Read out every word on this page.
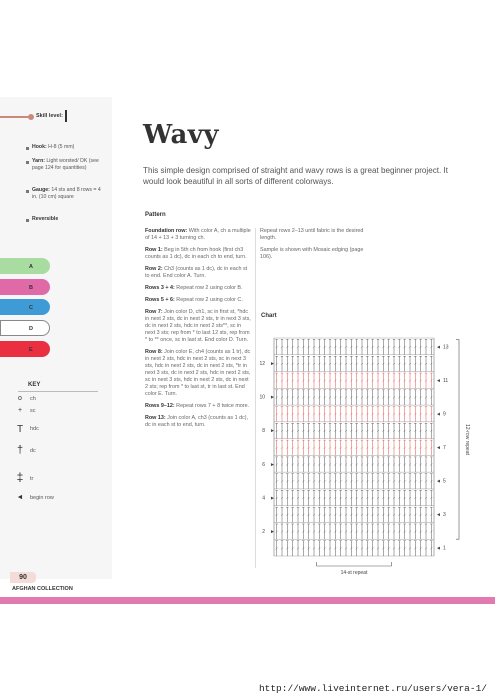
Skill level:
Hook: H-8 (5 mm)
Yarn: Light worsted/ DK (see page 124 for quantities)
Gauge: 14 sts and 8 rows = 4 in. (10 cm) square
Reversible
A
B
C
D
E
KEY
o	ch
+	sc
T	hdc
†	dc
‡	tr
◄	begin row
90
AFGHAN COLLECTION
http://www.liveinternet.ru/users/vera-1/
Wavy
This simple design comprised of straight and wavy rows is a great beginner project. It would look beautiful in all sorts of different colorways.
Pattern

Foundation row: With color A, ch a multiple of 14 + 13 + 3 turning ch.

Row 1: Beg in 5th ch from hook (first ch3 counts as 1 dc), dc in each ch to end, turn.

Row 2: Ch3 (counts as 1 dc), dc in each st to end. End color A. Turn.

Rows 3 + 4: Repeat row 2 using color B.

Rows 5 + 6: Repeat row 2 using color C.

Row 7: Join color D, ch1, sc in first st, *hdc in next 2 sts, dc in next 2 sts, tr in next 3 sts, dc in next 2 sts, hdc in next 2 sts**, sc in next 3 sts; rep from * to last 12 sts, rep from * to ** once, sc in last st. End color D. Turn.

Row 8: Join color E, ch4 (counts as 1 tr), dc in next 2 sts, hdc in next 2 sts, sc in next 3 sts, hdc in next 2 sts, dc in next 2 sts, *tr in next 3 sts, dc in next 2 sts, hdc in next 2 sts, sc in next 3 sts, hdc in next 2 sts, dc in next 2 sts; rep from * to last st, tr in last st. End color E. Turn.

Rows 9–12: Repeat rows 7 + 8 twice more.

Row 13: Join color A, ch3 (counts as 1 dc), dc in each st to end, turn.

Repeat rows 2–13 until fabric is the desired length.

Sample is shown with Mosaic edging (page 106).

Chart
12 ►
10 ►
8 ►
6 ►
4 ►
2 ►
◄ 13
◄ 11
◄ 9
◄ 7
◄ 5
◄ 3
◄ 1
12-row repeat
14-st repeat
